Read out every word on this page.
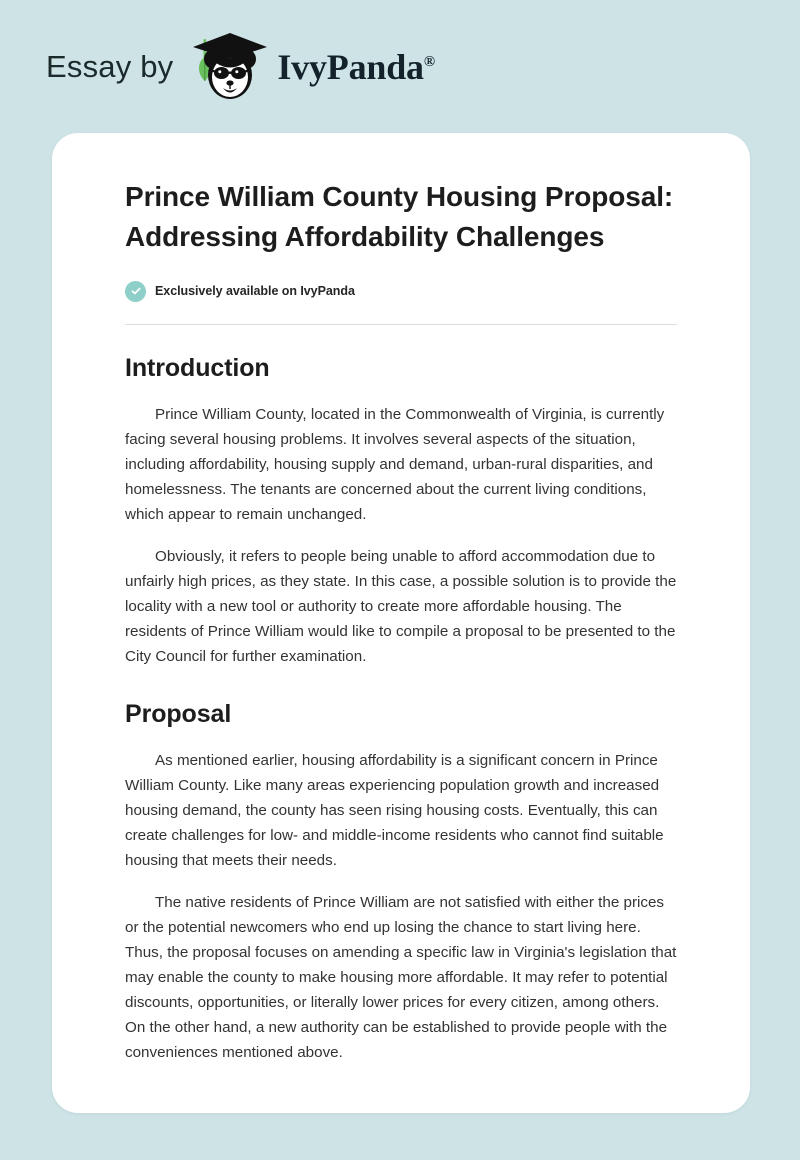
Essay by	IvyPanda®
Prince William County Housing Proposal: Addressing Affordability Challenges
Exclusively available on IvyPanda
Introduction

Prince William County, located in the Commonwealth of Virginia, is currently facing several housing problems. It involves several aspects of the situation, including affordability, housing supply and demand, urban-rural disparities, and homelessness. The tenants are concerned about the current living conditions, which appear to remain unchanged.

Obviously, it refers to people being unable to afford accommodation due to unfairly high prices, as they state. In this case, a possible solution is to provide the locality with a new tool or authority to create more affordable housing. The residents of Prince William would like to compile a proposal to be presented to the City Council for further examination.

Proposal

As mentioned earlier, housing affordability is a significant concern in Prince William County. Like many areas experiencing population growth and increased housing demand, the county has seen rising housing costs. Eventually, this can create challenges for low- and middle-income residents who cannot find suitable housing that meets their needs.

The native residents of Prince William are not satisfied with either the prices or the potential newcomers who end up losing the chance to start living here. Thus, the proposal focuses on amending a specific law in Virginia's legislation that may enable the county to make housing more affordable. It may refer to potential discounts, opportunities, or literally lower prices for every citizen, among others. On the other hand, a new authority can be established to provide people with the conveniences mentioned above.
